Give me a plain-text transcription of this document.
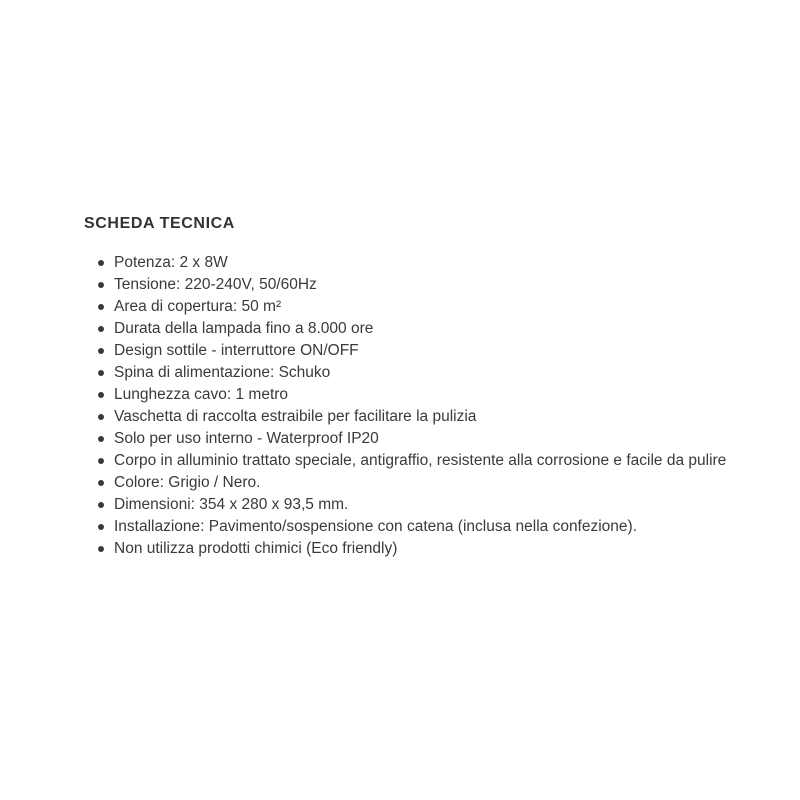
SCHEDA TECNICA
Potenza: 2 x 8W
Tensione: 220-240V, 50/60Hz
Area di copertura: 50 m²
Durata della lampada fino a 8.000 ore
Design sottile - interruttore ON/OFF
Spina di alimentazione: Schuko
Lunghezza cavo: 1 metro
Vaschetta di raccolta estraibile per facilitare la pulizia
Solo per uso interno - Waterproof IP20
Corpo in alluminio trattato speciale, antigraffio, resistente alla corrosione e facile da pulire
Colore: Grigio / Nero.
Dimensioni: 354 x 280 x 93,5 mm.
Installazione: Pavimento/sospensione con catena (inclusa nella confezione).
Non utilizza prodotti chimici (Eco friendly)
